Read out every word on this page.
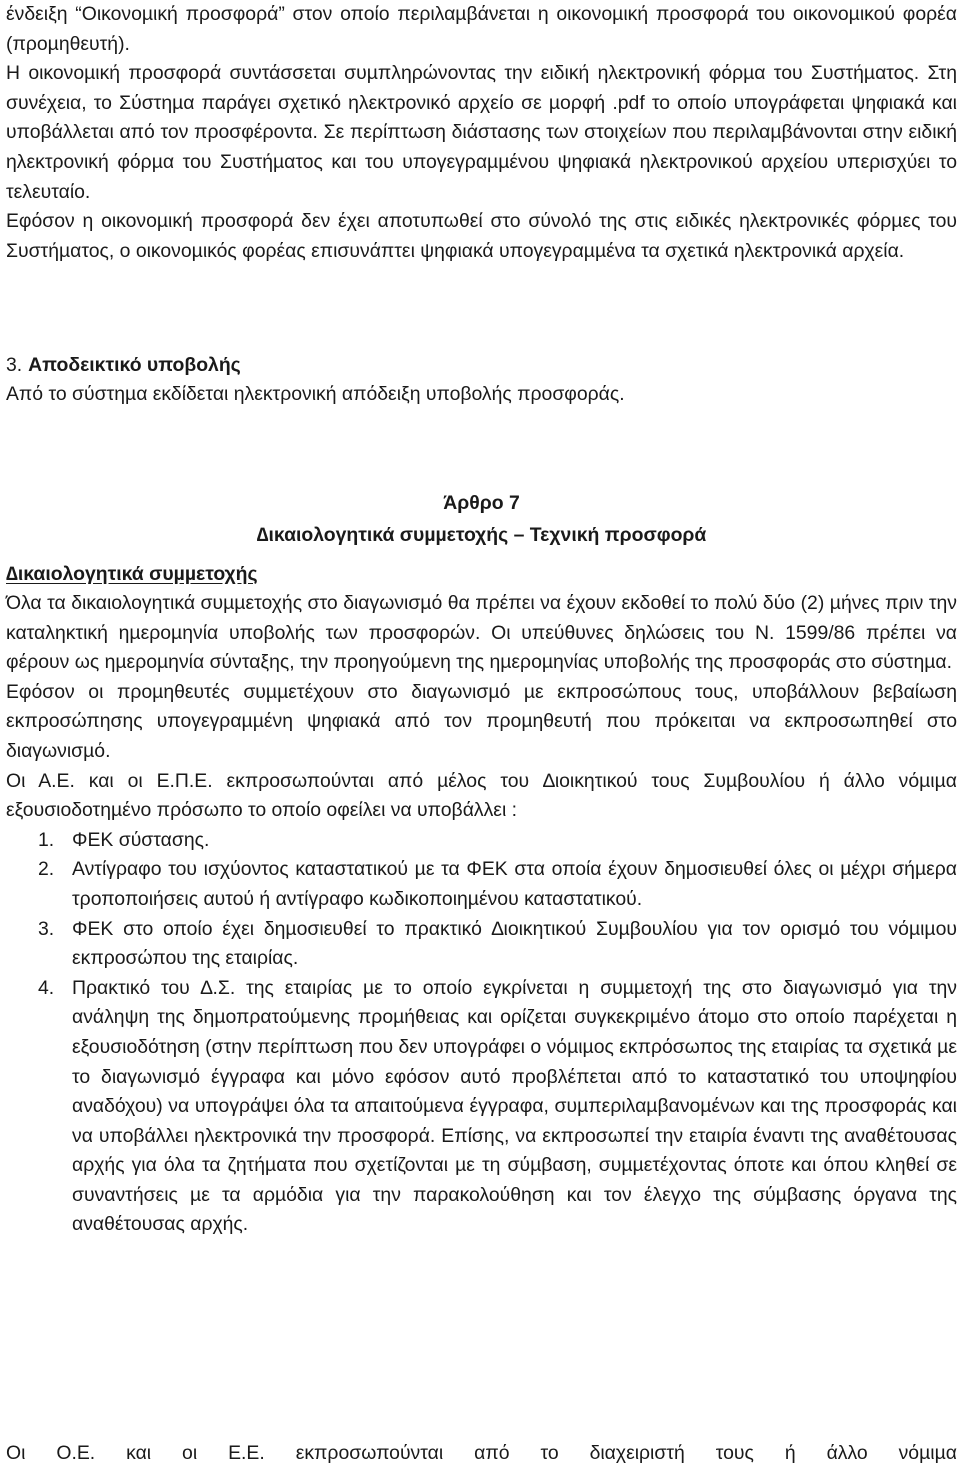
ένδειξη “Οικονοµική προσφορά” στον οποίο περιλαµβάνεται η οικονοµική προσφορά του οικονοµικού φορέα (προµηθευτή).

Η οικονοµική προσφορά συντάσσεται συµπληρώνοντας την ειδική ηλεκτρονική φόρµα του Συστήµατος. Στη συνέχεια, το Σύστηµα παράγει σχετικό ηλεκτρονικό αρχείο σε µορφή .pdf το οποίο υπογράφεται ψηφιακά και υποβάλλεται από τον προσφέροντα. Σε περίπτωση διάστασης των στοιχείων που περιλαµβάνονται στην ειδική ηλεκτρονική φόρµα του Συστήµατος και του υπογεγραµµένου ψηφιακά ηλεκτρονικού αρχείου υπερισχύει το τελευταίο.

Εφόσον η οικονοµική προσφορά δεν έχει αποτυπωθεί στο σύνολό της στις ειδικές ηλεκτρονικές φόρµες του Συστήµατος, ο οικονοµικός φορέας επισυνάπτει ψηφιακά υπογεγραµµένα τα σχετικά ηλεκτρονικά αρχεία.

3. Αποδεικτικό υποβολής

Από το σύστηµα εκδίδεται ηλεκτρονική απόδειξη υποβολής προσφοράς.

Άρθρο 7

∆ικαιολογητικά συµµετοχής – Τεχνική προσφορά

∆ικαιολογητικά συµµετοχής

Όλα τα δικαιολογητικά συµµετοχής στο διαγωνισµό θα πρέπει να έχουν εκδοθεί το πολύ δύο (2) µήνες πριν την καταληκτική ηµεροµηνία υποβολής των προσφορών. Οι υπεύθυνες δηλώσεις του Ν. 1599/86 πρέπει να φέρουν ως ηµεροµηνία σύνταξης, την προηγούµενη της ηµεροµηνίας υποβολής της προσφοράς στο σύστηµα.

Εφόσον οι προµηθευτές συµµετέχουν στο διαγωνισµό µε εκπροσώπους τους, υποβάλλουν βεβαίωση εκπροσώπησης υπογεγραµµένη ψηφιακά από τον προµηθευτή που πρόκειται να εκπροσωπηθεί στο διαγωνισµό.

Οι Α.Ε. και οι Ε.Π.Ε. εκπροσωπούνται από µέλος του ∆ιοικητικού τους Συµβουλίου ή άλλο νόµιµα εξουσιοδοτηµένο πρόσωπο το οποίο οφείλει να υποβάλλει :

1. ΦΕΚ σύστασης.
2. Αντίγραφο του ισχύοντος καταστατικού µε τα ΦΕΚ στα οποία έχουν δηµοσιευθεί όλες οι µέχρι σήµερα τροποποιήσεις αυτού ή αντίγραφο κωδικοποιηµένου καταστατικού.
3. ΦΕΚ στο οποίο έχει δηµοσιευθεί το πρακτικό ∆ιοικητικού Συµβουλίου για τον ορισµό του νόµιµου εκπροσώπου της εταιρίας.
4. Πρακτικό του ∆.Σ. της εταιρίας µε το οποίο εγκρίνεται η συµµετοχή της στο διαγωνισµό για την ανάληψη της δηµοπρατούµενης προµήθειας και ορίζεται συγκεκριµένο άτοµο στο οποίο παρέχεται η εξουσιοδότηση (στην περίπτωση που δεν υπογράφει ο νόµιµος εκπρόσωπος της εταιρίας τα σχετικά µε το διαγωνισµό έγγραφα και µόνο εφόσον αυτό προβλέπεται από το καταστατικό του υποψηφίου αναδόχου) να υπογράψει όλα τα απαιτούµενα έγγραφα, συµπεριλαµβανοµένων και της προσφοράς και να υποβάλλει ηλεκτρονικά την προσφορά. Επίσης, να εκπροσωπεί την εταιρία έναντι της αναθέτουσας αρχής για όλα τα ζητήµατα που σχετίζονται µε τη σύµβαση, συµµετέχοντας όποτε και όπου κληθεί σε συναντήσεις µε τα αρµόδια για την παρακολούθηση και τον έλεγχο της σύµβασης όργανα της αναθέτουσας αρχής.

Οι Ο.Ε. και οι Ε.Ε. εκπροσωπούνται από το διαχειριστή τους ή άλλο νόµιµα
